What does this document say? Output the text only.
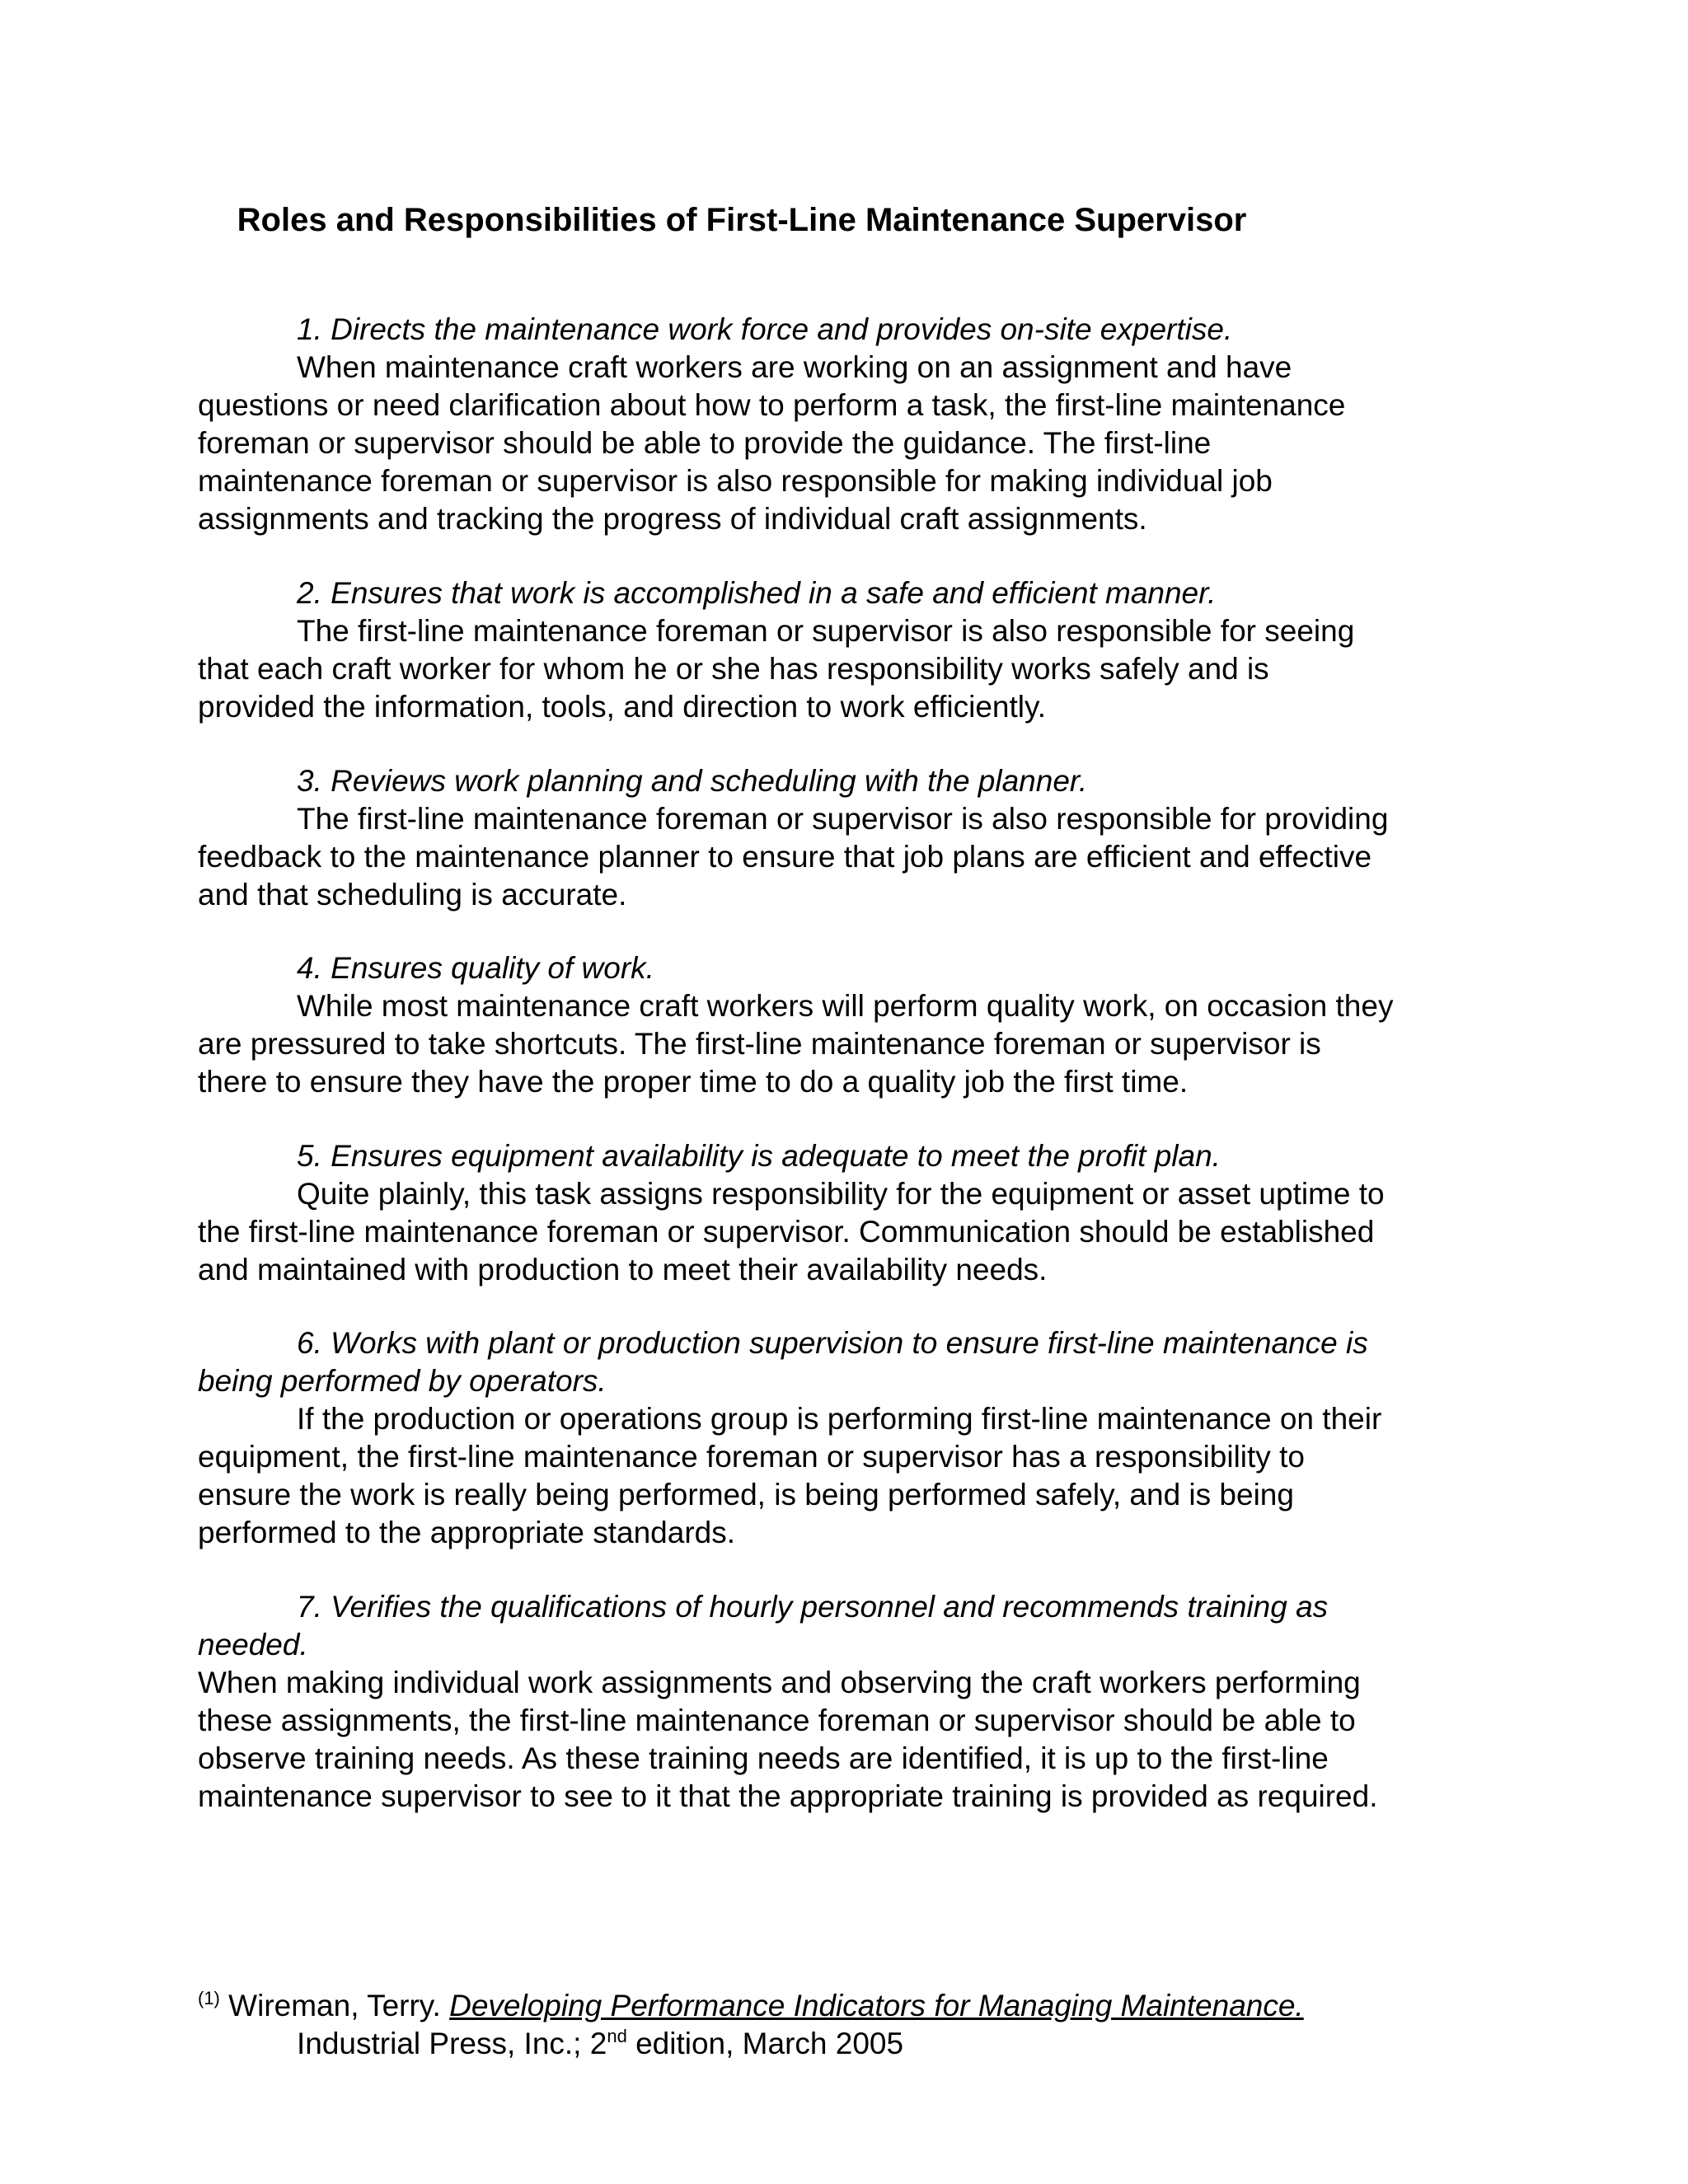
Roles and Responsibilities of First-Line Maintenance Supervisor
1. Directs the maintenance work force and provides on-site expertise.
When maintenance craft workers are working on an assignment and have
questions or need clarification about how to perform a task, the first-line maintenance
foreman or supervisor should be able to provide the guidance. The first-line
maintenance foreman or supervisor is also responsible for making individual job
assignments and tracking the progress of individual craft assignments.
2. Ensures that work is accomplished in a safe and efficient manner.
The first-line maintenance foreman or supervisor is also responsible for seeing
that each craft worker for whom he or she has responsibility works safely and is
provided the information, tools, and direction to work efficiently.
3. Reviews work planning and scheduling with the planner.
The first-line maintenance foreman or supervisor is also responsible for providing
feedback to the maintenance planner to ensure that job plans are efficient and effective
and that scheduling is accurate.
4. Ensures quality of work.
While most maintenance craft workers will perform quality work, on occasion they
are pressured to take shortcuts. The first-line maintenance foreman or supervisor is
there to ensure they have the proper time to do a quality job the first time.
5. Ensures equipment availability is adequate to meet the profit plan.
Quite plainly, this task assigns responsibility for the equipment or asset uptime to
the first-line maintenance foreman or supervisor. Communication should be established
and maintained with production to meet their availability needs.
6. Works with plant or production supervision to ensure first-line maintenance is
being performed by operators.
If the production or operations group is performing first-line maintenance on their
equipment, the first-line maintenance foreman or supervisor has a responsibility to
ensure the work is really being performed, is being performed safely, and is being
performed to the appropriate standards.
7. Verifies the qualifications of hourly personnel and recommends training as
needed.
When making individual work assignments and observing the craft workers performing
these assignments, the first-line maintenance foreman or supervisor should be able to
observe training needs. As these training needs are identified, it is up to the first-line
maintenance supervisor to see to it that the appropriate training is provided as required.
$^{(1)}$ Wireman, Terry. Developing Performance Indicators for Managing Maintenance.
Industrial Press, Inc.; 2nd edition, March 2005
